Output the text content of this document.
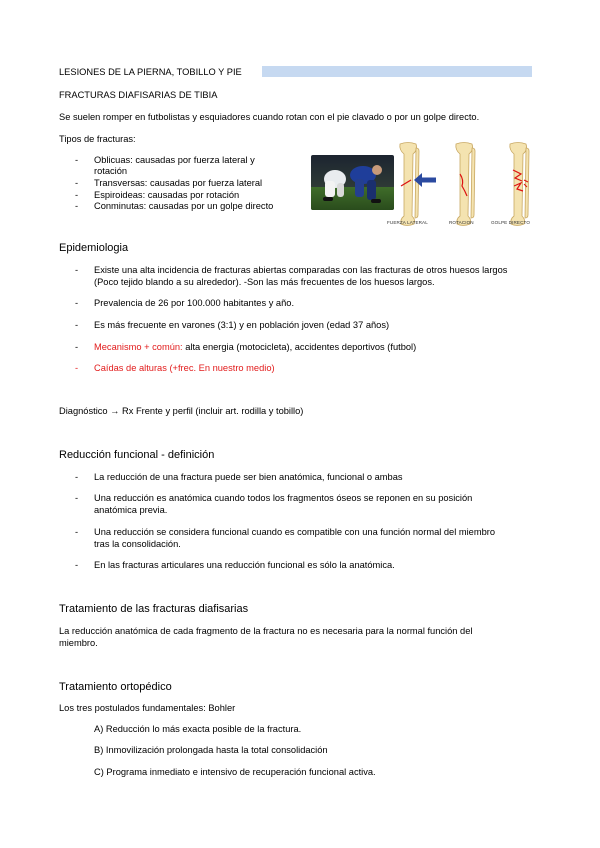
LESIONES DE LA PIERNA, TOBILLO Y PIE
FRACTURAS DIAFISARIAS DE TIBIA
Se suelen romper en futbolistas y esquiadores cuando rotan con el pie clavado o por un golpe directo.
Tipos de fracturas:
- Oblicuas: causadas por fuerza lateral y
rotación
- Transversas: causadas por fuerza lateral
- Espiroideas: causadas por rotación
- Conminutas: causadas por un golpe directo
FUERZA LATERAL	ROTACION	GOLPE DIRECTO
Epidemiologia
- Existe una alta incidencia de fracturas abiertas comparadas con las fracturas de otros huesos largos
(Poco tejido blando a su alrededor). -Son las más frecuentes de los huesos largos.
- Prevalencia de 26 por 100.000 habitantes y año.
- Es más frecuente en varones (3:1) y en población joven (edad 37 años)
- Mecanismo + común: alta energia (motocicleta), accidentes deportivos (futbol)
- Caídas de alturas (+frec. En nuestro medio)
Diagnóstico → Rx Frente y perfil (incluir art. rodilla y tobillo)
Reducción funcional - definición
- La reducción de una fractura puede ser bien anatómica, funcional o ambas
- Una reducción es anatómica cuando todos los fragmentos óseos se reponen en su posición
anatómica previa.
- Una reducción se considera funcional cuando es compatible con una función normal del miembro
tras la consolidación.
- En las fracturas articulares una reducción funcional es sólo la anatómica.
Tratamiento de las fracturas diafisarias
La reducción anatómica de cada fragmento de la fractura no es necesaria para la normal función del
miembro.
Tratamiento ortopédico
Los tres postulados fundamentales: Bohler
A) Reducción lo más exacta posible de la fractura.
B) Inmovilización prolongada hasta la total consolidación
C) Programa inmediato e intensivo de recuperación funcional activa.
